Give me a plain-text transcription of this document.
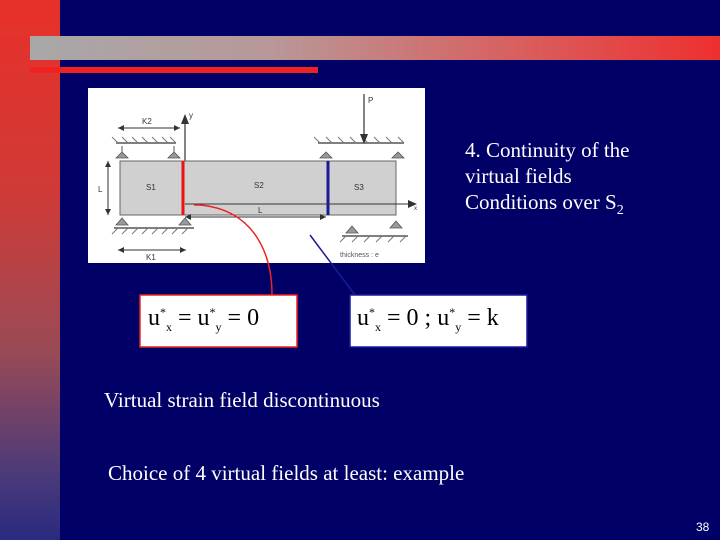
K2
y
P
L	S1	S2	S3
L	x
K1	thickness : e
$u^*_x = u^*_y = 0$	$u^*_x = 0$ ; $u^*_y = k$
4. Continuity of the
virtual fields
Conditions over $S_2$
Virtual strain field discontinuous
Choice of 4 virtual fields at least: example
38
